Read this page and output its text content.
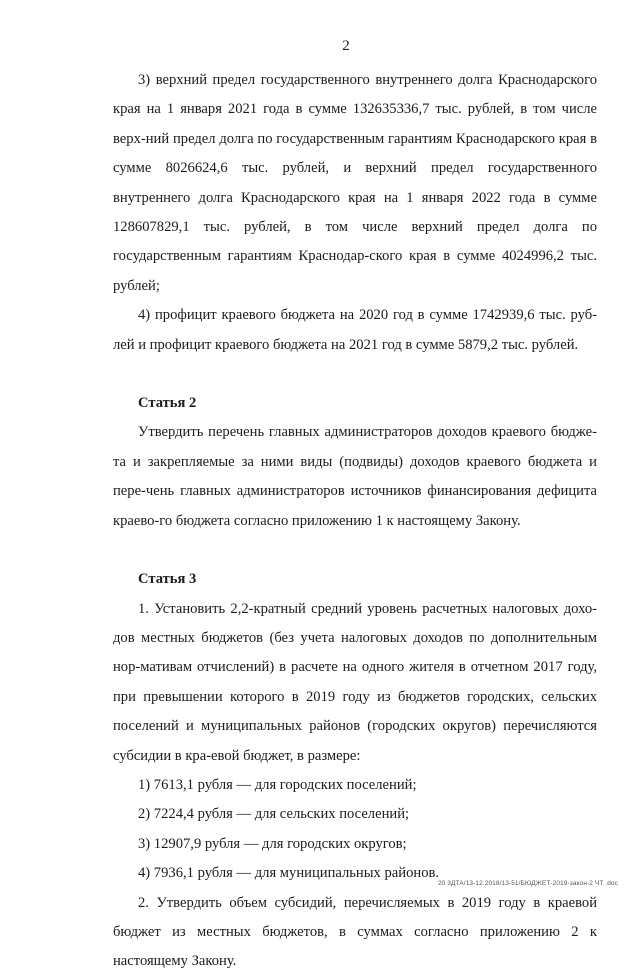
2

3) верхний предел государственного внутреннего долга Краснодарского края на 1 января 2021 года в сумме 132635336,7 тыс. рублей, в том числе верх-ний предел долга по государственным гарантиям Краснодарского края в сумме 8026624,6 тыс. рублей, и верхний предел государственного внутреннего долга Краснодарского края на 1 января 2022 года в сумме 128607829,1 тыс. рублей, в том числе верхний предел долга по государственным гарантиям Краснодар-ского края в сумме 4024996,2 тыс. рублей;

4) профицит краевого бюджета на 2020 год в сумме 1742939,6 тыс. руб-лей и профицит краевого бюджета на 2021 год в сумме 5879,2 тыс. рублей.

Статья 2

Утвердить перечень главных администраторов доходов краевого бюдже-та и закрепляемые за ними виды (подвиды) доходов краевого бюджета и пере-чень главных администраторов источников финансирования дефицита краево-го бюджета согласно приложению 1 к настоящему Закону.

Статья 3

1. Установить 2,2-кратный средний уровень расчетных налоговых дохо-дов местных бюджетов (без учета налоговых доходов по дополнительным нор-мативам отчислений) в расчете на одного жителя в отчетном 2017 году, при превышении которого в 2019 году из бюджетов городских, сельских поселений и муниципальных районов (городских округов) перечисляются субсидии в кра-евой бюджет, в размере:

1) 7613,1 рубля — для городских поселений;

2) 7224,4 рубля — для сельских поселений;

3) 12907,9 рубля — для городских округов;

4) 7936,1 рубля — для муниципальных районов.

2. Утвердить объем субсидий, перечисляемых в 2019 году в краевой бюджет из местных бюджетов, в суммах согласно приложению 2 к настоящему Закону.

20 3ДТА/13-12.2018/13-51/БЮДЖЕТ-2019-закон-2 ЧТ .doc
